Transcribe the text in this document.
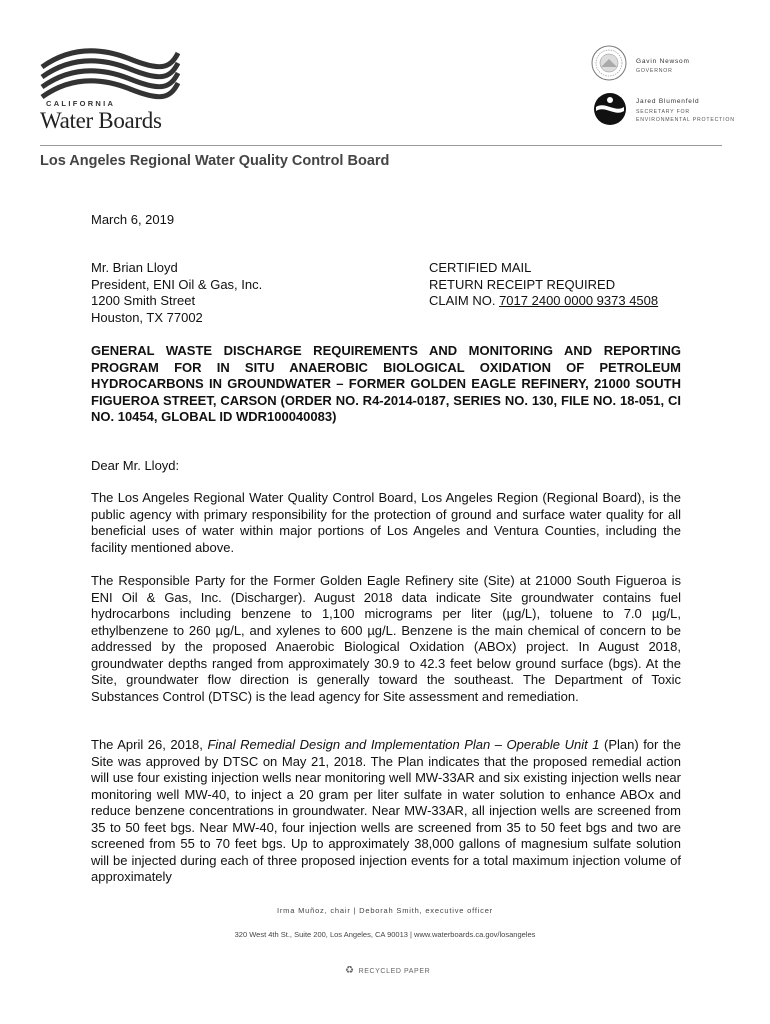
CALIFORNIA
Water Boards
Gavin Newsom
GOVERNOR
Jared Blumenfeld
SECRETARY FOR ENVIRONMENTAL PROTECTION
Los Angeles Regional Water Quality Control Board
March 6, 2019
Mr. Brian Lloyd
President, ENI Oil & Gas, Inc.
1200 Smith Street
Houston, TX 77002
CERTIFIED MAIL
RETURN RECEIPT REQUIRED
CLAIM NO. 7017 2400 0000 9373 4508
GENERAL WASTE DISCHARGE REQUIREMENTS AND MONITORING AND REPORTING PROGRAM FOR IN SITU ANAEROBIC BIOLOGICAL OXIDATION OF PETROLEUM HYDROCARBONS IN GROUNDWATER – FORMER GOLDEN EAGLE REFINERY, 21000 SOUTH FIGUEROA STREET, CARSON (ORDER NO. R4-2014-0187, SERIES NO. 130, FILE NO. 18-051, CI NO. 10454, GLOBAL ID WDR100040083)
Dear Mr. Lloyd:
The Los Angeles Regional Water Quality Control Board, Los Angeles Region (Regional Board), is the public agency with primary responsibility for the protection of ground and surface water quality for all beneficial uses of water within major portions of Los Angeles and Ventura Counties, including the facility mentioned above.
The Responsible Party for the Former Golden Eagle Refinery site (Site) at 21000 South Figueroa is ENI Oil & Gas, Inc. (Discharger). August 2018 data indicate Site groundwater contains fuel hydrocarbons including benzene to 1,100 micrograms per liter (µg/L), toluene to 7.0 µg/L, ethylbenzene to 260 µg/L, and xylenes to 600 µg/L. Benzene is the main chemical of concern to be addressed by the proposed Anaerobic Biological Oxidation (ABOx) project. In August 2018, groundwater depths ranged from approximately 30.9 to 42.3 feet below ground surface (bgs). At the Site, groundwater flow direction is generally toward the southeast. The Department of Toxic Substances Control (DTSC) is the lead agency for Site assessment and remediation.
The April 26, 2018, Final Remedial Design and Implementation Plan – Operable Unit 1 (Plan) for the Site was approved by DTSC on May 21, 2018. The Plan indicates that the proposed remedial action will use four existing injection wells near monitoring well MW-33AR and six existing injection wells near monitoring well MW-40, to inject a 20 gram per liter sulfate in water solution to enhance ABOx and reduce benzene concentrations in groundwater. Near MW-33AR, all injection wells are screened from 35 to 50 feet bgs. Near MW-40, four injection wells are screened from 35 to 50 feet bgs and two are screened from 55 to 70 feet bgs. Up to approximately 38,000 gallons of magnesium sulfate solution will be injected during each of three proposed injection events for a total maximum injection volume of approximately
Irma Muñoz, chair | Deborah Smith, executive officer
320 West 4th St., Suite 200, Los Angeles, CA 90013 | www.waterboards.ca.gov/losangeles
♻ RECYCLED PAPER
